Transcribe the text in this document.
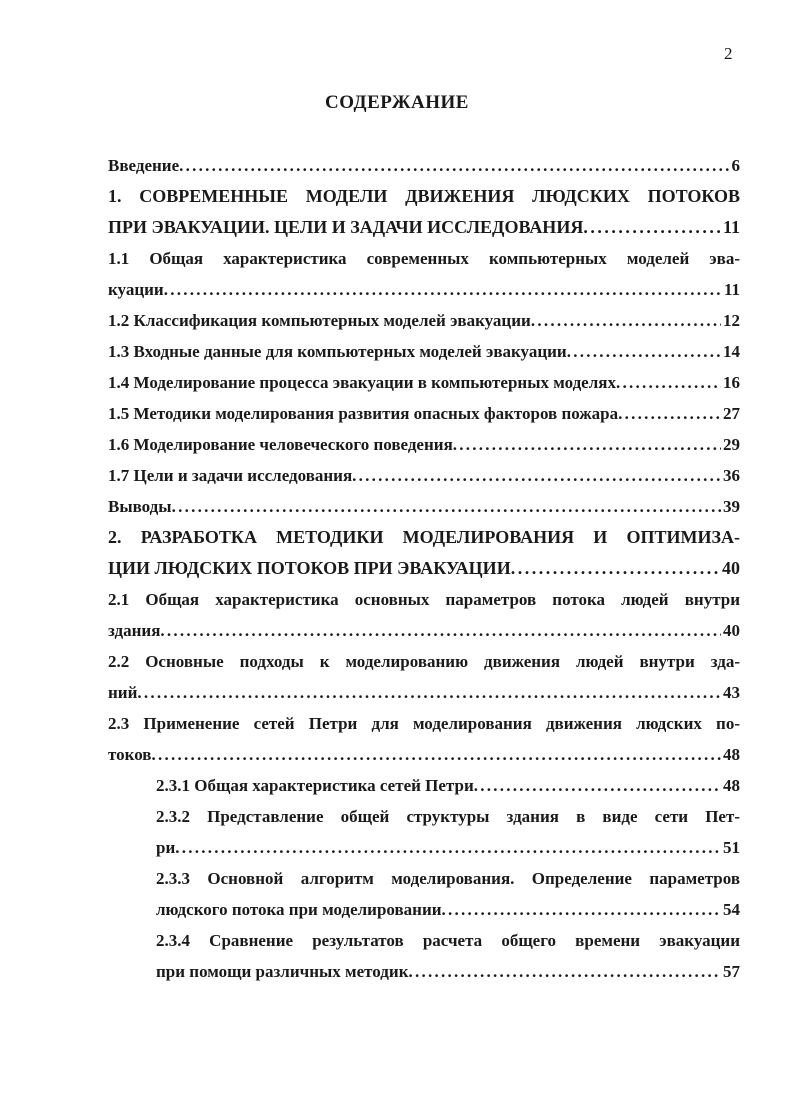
2
СОДЕРЖАНИЕ
Введение . . .	6
1. СОВРЕМЕННЫЕ МОДЕЛИ ДВИЖЕНИЯ ЛЮДСКИХ ПОТОКОВ
ПРИ ЭВАКУАЦИИ. ЦЕЛИ И ЗАДАЧИ ИССЛЕДОВАНИЯ . . .	11
1.1 Общая характеристика современных компьютерных моделей эва-
куации . . .	11
1.2 Классификация компьютерных моделей эвакуации . . .	12
1.3 Входные данные для компьютерных моделей эвакуации . . .	14
1.4 Моделирование процесса эвакуации в компьютерных моделях . . .	16
1.5 Методики моделирования развития опасных факторов пожара . . .	27
1.6 Моделирование человеческого поведения . . .	29
1.7 Цели и задачи исследования . . .	36
Выводы . . .	39
2. РАЗРАБОТКА МЕТОДИКИ МОДЕЛИРОВАНИЯ И ОПТИМИЗА-
ЦИИ ЛЮДСКИХ ПОТОКОВ ПРИ ЭВАКУАЦИИ . . .	40
2.1 Общая характеристика основных параметров потока людей внутри
здания . . .	40
2.2 Основные подходы к моделированию движения людей внутри зда-
ний . . .	43
2.3 Применение сетей Петри для моделирования движения людских по-
токов . . .	48
2.3.1 Общая характеристика сетей Петри . . .	48
2.3.2 Представление общей структуры здания в виде сети Пет-
ри . . .	51
2.3.3 Основной алгоритм моделирования. Определение параметров
людского потока при моделировании . . .	54
2.3.4 Сравнение результатов расчета общего времени эвакуации
при помощи различных методик . . .	57
